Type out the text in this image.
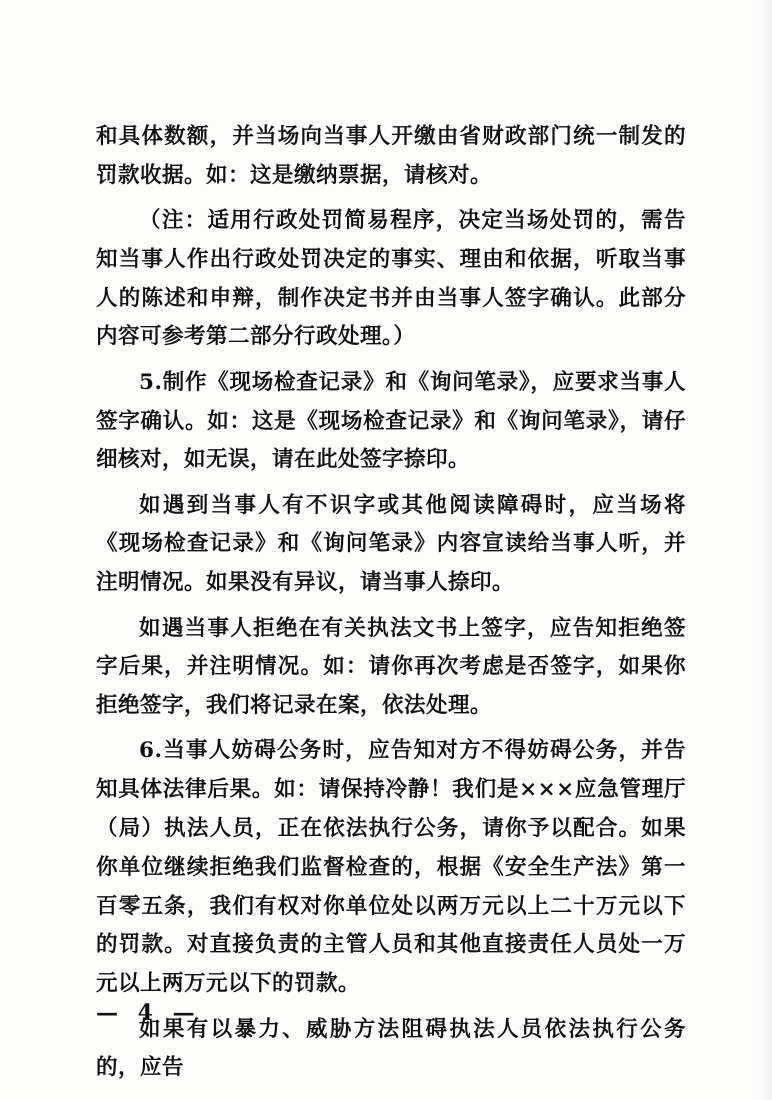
和具体数额，并当场向当事人开缴由省财政部门统一制发的罚款收据。如：这是缴纳票据，请核对。

（注：适用行政处罚简易程序，决定当场处罚的，需告知当事人作出行政处罚决定的事实、理由和依据，听取当事人的陈述和申辩，制作决定书并由当事人签字确认。此部分内容可参考第二部分行政处理。）

5.制作《现场检查记录》和《询问笔录》，应要求当事人签字确认。如：这是《现场检查记录》和《询问笔录》，请仔细核对，如无误，请在此处签字捺印。

如遇到当事人有不识字或其他阅读障碍时，应当场将《现场检查记录》和《询问笔录》内容宣读给当事人听，并注明情况。如果没有异议，请当事人捺印。

如遇当事人拒绝在有关执法文书上签字，应告知拒绝签字后果，并注明情况。如：请你再次考虑是否签字，如果你拒绝签字，我们将记录在案，依法处理。

6.当事人妨碍公务时，应告知对方不得妨碍公务，并告知具体法律后果。如：请保持冷静！我们是×××应急管理厅（局）执法人员，正在依法执行公务，请你予以配合。如果你单位继续拒绝我们监督检查的，根据《安全生产法》第一百零五条，我们有权对你单位处以两万元以上二十万元以下的罚款。对直接负责的主管人员和其他直接责任人员处一万元以上两万元以下的罚款。

如果有以暴力、威胁方法阻碍执法人员依法执行公务的，应告

— 4 —
